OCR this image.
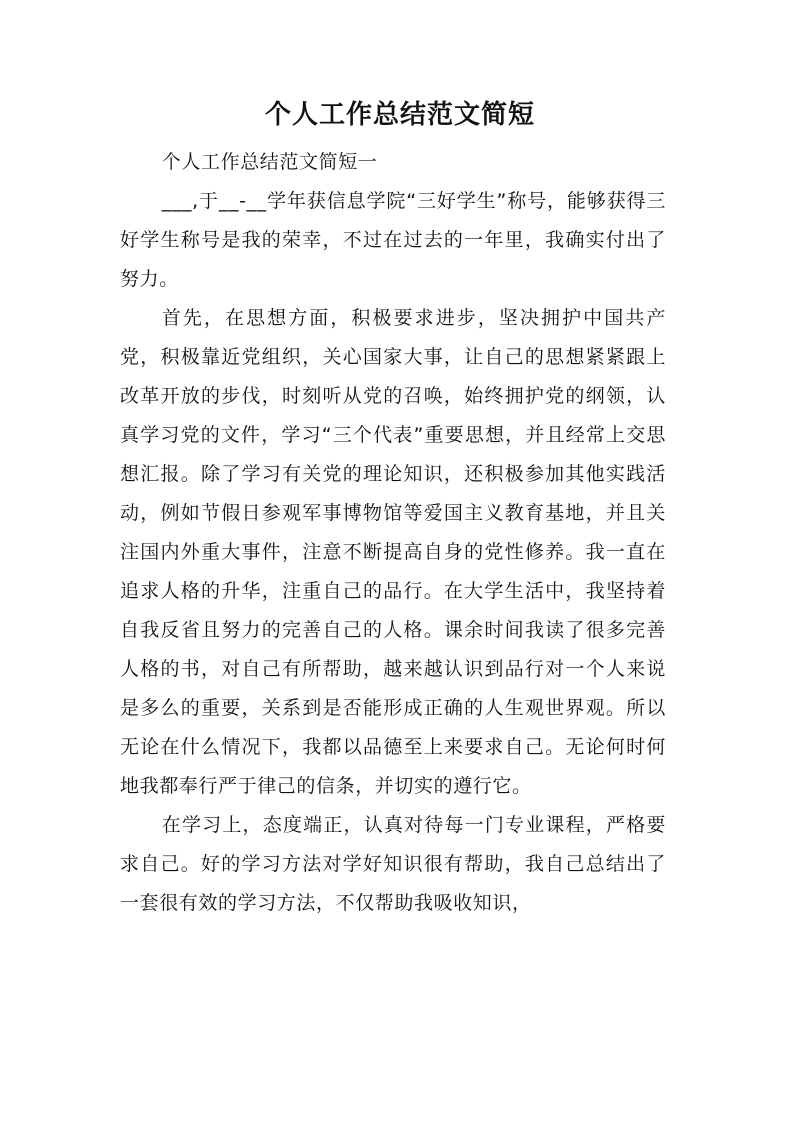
个人工作总结范文简短

个人工作总结范文简短一

___,于__-__学年获信息学院“三好学生”称号，能够获得三好学生称号是我的荣幸，不过在过去的一年里，我确实付出了努力。

首先，在思想方面，积极要求进步，坚决拥护中国共产党，积极靠近党组织，关心国家大事，让自己的思想紧紧跟上改革开放的步伐，时刻听从党的召唤，始终拥护党的纲领，认真学习党的文件，学习“三个代表”重要思想，并且经常上交思想汇报。除了学习有关党的理论知识，还积极参加其他实践活动，例如节假日参观军事博物馆等爱国主义教育基地，并且关注国内外重大事件，注意不断提高自身的党性修养。我一直在追求人格的升华，注重自己的品行。在大学生活中，我坚持着自我反省且努力的完善自己的人格。课余时间我读了很多完善人格的书，对自己有所帮助，越来越认识到品行对一个人来说是多么的重要，关系到是否能形成正确的人生观世界观。所以无论在什么情况下，我都以品德至上来要求自己。无论何时何地我都奉行严于律己的信条，并切实的遵行它。

在学习上，态度端正，认真对待每一门专业课程，严格要求自己。好的学习方法对学好知识很有帮助，我自己总结出了一套很有效的学习方法，不仅帮助我吸收知识，
